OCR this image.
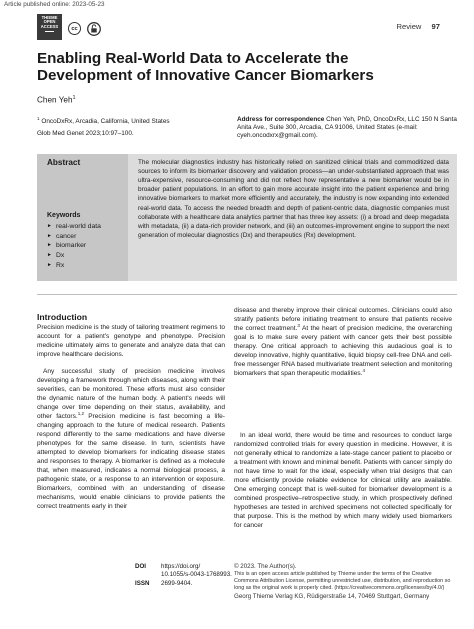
Article published online: 2023-05-23
THIEME
OPEN
ACCESS	cc	Review 97
Enabling Real-World Data to Accelerate the Development of Innovative Cancer Biomarkers
Chen Yeh$^1$
$^1$ OncoDxRx, Arcadia, California, United States
Glob Med Genet 2023;10:97–100.
Address for correspondence Chen Yeh, PhD, OncoDxRx, LLC 150 N Santa Anita Ave., Suite 300, Arcadia, CA 91006, United States (e-mail: cyeh.oncodxrx@gmail.com).
Abstract
Keywords
► real-world data
► cancer
► biomarker
► Dx
► Rx

The molecular diagnostics industry has historically relied on sanitized clinical trials and commoditized data sources to inform its biomarker discovery and validation process—an under-substantiated approach that was ultra-expensive, resource-consuming and did not reflect how representative a new biomarker would be in broader patient populations. In an effort to gain more accurate insight into the patient experience and bring innovative biomarkers to market more efficiently and accurately, the industry is now expanding into extended real-world data. To access the needed breadth and depth of patient-centric data, diagnostic companies must collaborate with a healthcare data analytics partner that has three key assets: (i) a broad and deep megadata with metadata, (ii) a data-rich provider network, and (iii) an outcomes-improvement engine to support the next generation of molecular diagnostics (Dx) and therapeutics (Rx) development.

Introduction

Precision medicine is the study of tailoring treatment regimens to account for a patient's genotype and phenotype. Precision medicine ultimately aims to generate and analyze data that can improve healthcare decisions.

Any successful study of precision medicine involves developing a framework through which diseases, along with their severities, can be monitored. These efforts must also consider the dynamic nature of the human body. A patient's needs will change over time depending on their status, availability, and other factors.$^{1,2}$ Precision medicine is fast becoming a life-changing approach to the future of medical research. Patients respond differently to the same medications and have diverse phenotypes for the same disease. In turn, scientists have attempted to develop biomarkers for indicating disease states and responses to therapy. A biomarker is defined as a molecule that, when measured, indicates a normal biological process, a pathogenic state, or a response to an intervention or exposure. Biomarkers, combined with an understanding of disease mechanisms, would enable clinicians to provide patients the correct treatments early in their

disease and thereby improve their clinical outcomes. Clinicians could also stratify patients before initiating treatment to ensure that patients receive the correct treatment.$^3$ At the heart of precision medicine, the overarching goal is to make sure every patient with cancer gets their best possible therapy. One critical approach to achieving this audacious goal is to develop innovative, highly quantitative, liquid biopsy cell-free DNA and cell-free messenger RNA based multivariate treatment selection and monitoring biomarkers that span therapeutic modalities.$^4$

In an ideal world, there would be time and resources to conduct large randomized controlled trials for every question in medicine. However, it is not generally ethical to randomize a late-stage cancer patient to placebo or a treatment with known and minimal benefit. Patients with cancer simply do not have time to wait for the ideal, especially when trial designs that can more efficiently provide reliable evidence for clinical utility are available. One emerging concept that is well-suited for biomarker development is a combined prospective–retrospective study, in which prospectively defined hypotheses are tested in archived specimens not collected specifically for that purpose. This is the method by which many widely used biomarkers for cancer

DOI	https://doi.org/
10.1055/s-0043-1768993.
ISSN	2699-9404.
© 2023. The Author(s).
This is an open access article published by Thieme under the terms of the Creative Commons Attribution License, permitting unrestricted use, distribution, and reproduction so long as the original work is properly cited. (https://creativecommons.org/licenses/by/4.0/)
Georg Thieme Verlag KG, Rüdigerstraße 14, 70469 Stuttgart, Germany
